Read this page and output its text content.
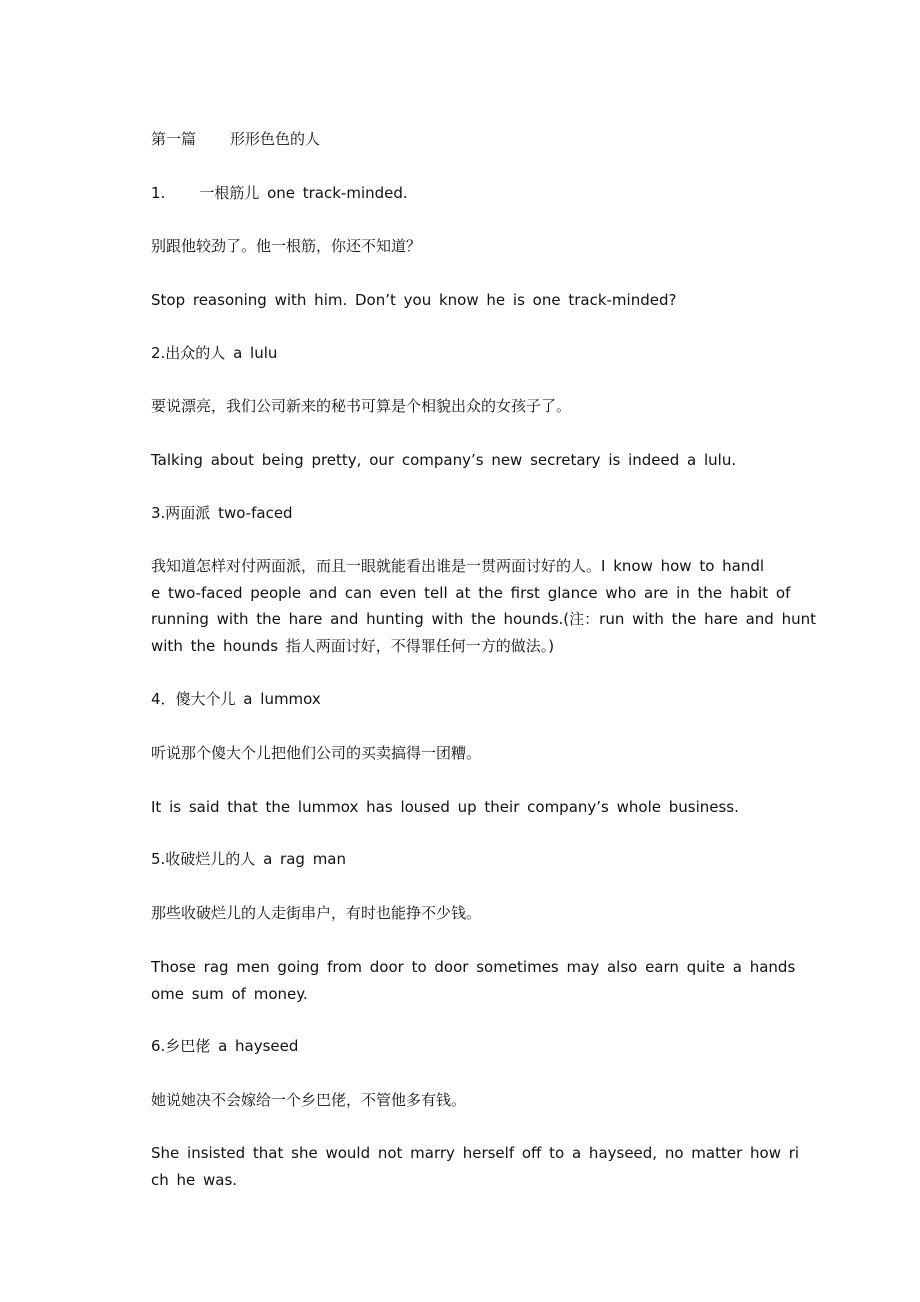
第一篇 形形色色的人
1. 一根筋儿 one track-minded.
别跟他较劲了。他一根筋，你还不知道？
Stop reasoning with him. Don’t you know he is one track-minded?
2.出众的人 a lulu
要说漂亮，我们公司新来的秘书可算是个相貌出众的女孩子了。
Talking about being pretty, our company’s new secretary is indeed a lulu.
3.两面派 two-faced
我知道怎样对付两面派，而且一眼就能看出谁是一贯两面讨好的人。I know how to handl
e two-faced people and can even tell at the first glance who are in the habit of
running with the hare and hunting with the hounds.(注：run with the hare and hunt
with the hounds 指人两面讨好，不得罪任何一方的做法。)
4．傻大个儿 a lummox
听说那个傻大个儿把他们公司的买卖搞得一团糟。
It is said that the lummox has loused up their company’s whole business.
5.收破烂儿的人 a rag man
那些收破烂儿的人走街串户，有时也能挣不少钱。
Those rag men going from door to door sometimes may also earn quite a hands
ome sum of money.
6.乡巴佬 a hayseed
她说她决不会嫁给一个乡巴佬，不管他多有钱。
She insisted that she would not marry herself off to a hayseed, no matter how ri
ch he was.
